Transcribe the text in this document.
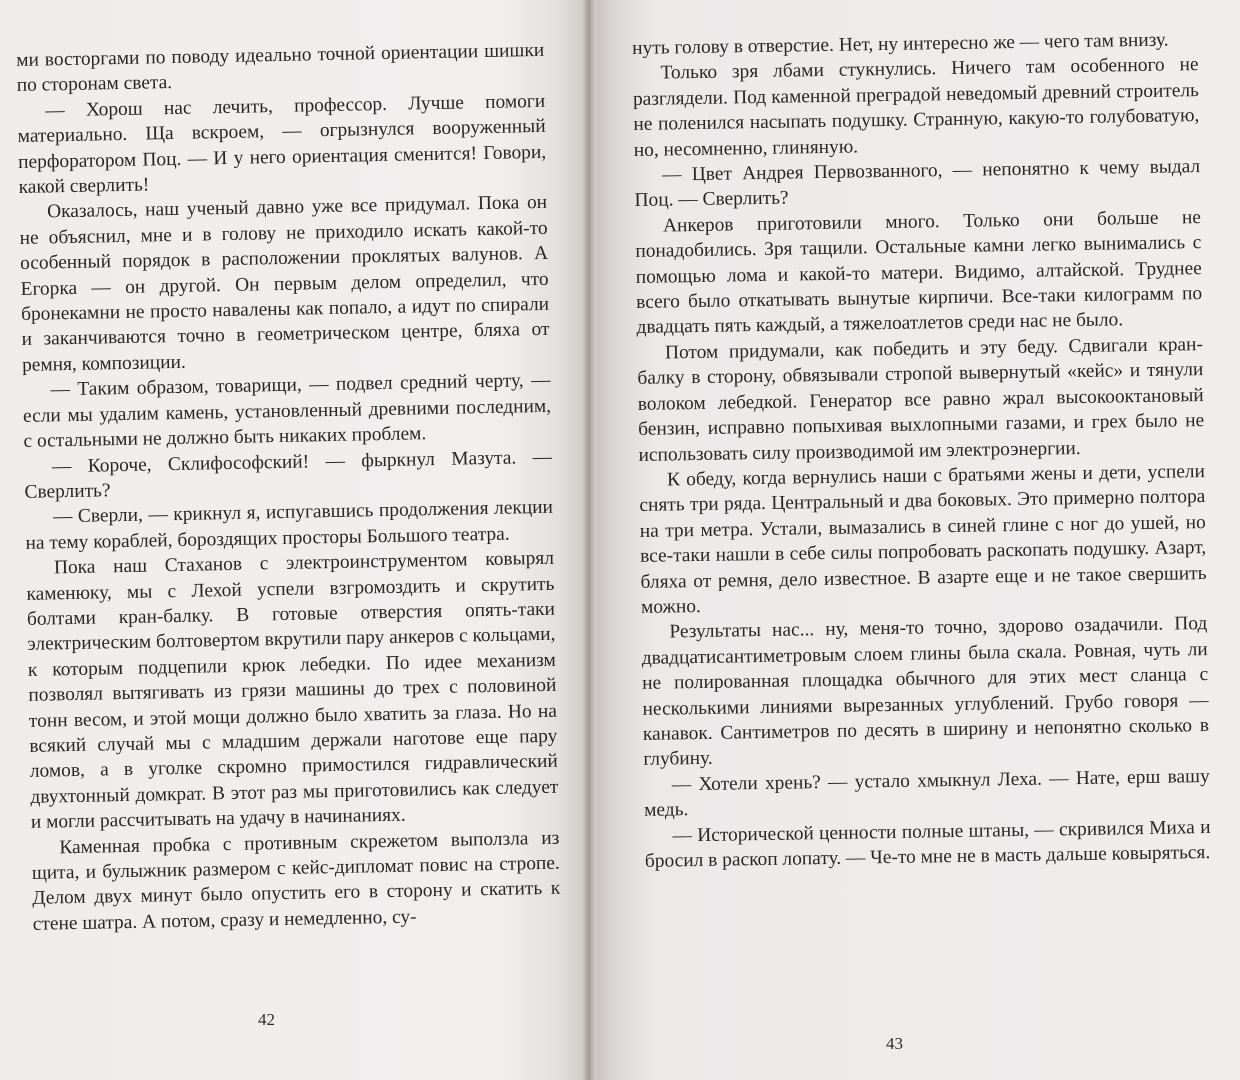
ми восторгами по поводу идеально точной ориентации шишки по сторонам света.

— Хорош нас лечить, профессор. Лучше помоги материально. Ща вскроем, — огрызнулся вооруженный перфоратором Поц. — И у него ориентация сменится! Говори, какой сверлить!

Оказалось, наш ученый давно уже все придумал. Пока он не объяснил, мне и в голову не приходило искать какой-то особенный порядок в расположении проклятых валунов. А Егорка — он другой. Он первым делом определил, что бронекамни не просто навалены как попало, а идут по спирали и заканчиваются точно в геометрическом центре, бляха от ремня, композиции.

— Таким образом, товарищи, — подвел средний черту, — если мы удалим камень, установленный древними последним, с остальными не должно быть никаких проблем.

— Короче, Склифософский! — фыркнул Мазута. — Сверлить?

— Сверли, — крикнул я, испугавшись продолжения лекции на тему кораблей, бороздящих просторы Большого театра.

Пока наш Стаханов с электроинструментом ковырял каменюку, мы с Лехой успели взгромоздить и скрутить болтами кран-балку. В готовые отверстия опять-таки электрическим болтовертом вкрутили пару анкеров с кольцами, к которым подцепили крюк лебедки. По идее механизм позволял вытягивать из грязи машины до трех с половиной тонн весом, и этой мощи должно было хватить за глаза. Но на всякий случай мы с младшим держали наготове еще пару ломов, а в уголке скромно примостился гидравлический двухтонный домкрат. В этот раз мы приготовились как следует и могли рассчитывать на удачу в начинаниях.

Каменная пробка с противным скрежетом выползла из щита, и булыжник размером с кейс-дипломат повис на стропе. Делом двух минут было опустить его в сторону и скатить к стене шатра. А потом, сразу и немедленно, су-

42

нуть голову в отверстие. Нет, ну интересно же — чего там внизу.

Только зря лбами стукнулись. Ничего там особенного не разглядели. Под каменной преградой неведомый древний строитель не поленился насыпать подушку. Странную, какую-то голубоватую, но, несомненно, глиняную.

— Цвет Андрея Первозванного, — непонятно к чему выдал Поц. — Сверлить?

Анкеров приготовили много. Только они больше не понадобились. Зря тащили. Остальные камни легко вынимались с помощью лома и какой-то матери. Видимо, алтайской. Труднее всего было откатывать вынутые кирпичи. Все-таки килограмм по двадцать пять каждый, а тяжелоатлетов среди нас не было.

Потом придумали, как победить и эту беду. Сдвигали кран-балку в сторону, обвязывали стропой вывернутый «кейс» и тянули волоком лебедкой. Генератор все равно жрал высокооктановый бензин, исправно попыхивая выхлопными газами, и грех было не использовать силу производимой им электроэнергии.

К обеду, когда вернулись наши с братьями жены и дети, успели снять три ряда. Центральный и два боковых. Это примерно полтора на три метра. Устали, вымазались в синей глине с ног до ушей, но все-таки нашли в себе силы попробовать раскопать подушку. Азарт, бляха от ремня, дело известное. В азарте еще и не такое свершить можно.

Результаты нас... ну, меня-то точно, здорово озадачили. Под двадцатисантиметровым слоем глины была скала. Ровная, чуть ли не полированная площадка обычного для этих мест сланца с несколькими линиями вырезанных углублений. Грубо говоря — канавок. Сантиметров по десять в ширину и непонятно сколько в глубину.

— Хотели хрень? — устало хмыкнул Леха. — Нате, ерш вашу медь.

— Исторической ценности полные штаны, — скривился Миха и бросил в раскоп лопату. — Че-то мне не в масть дальше ковыряться.

43
